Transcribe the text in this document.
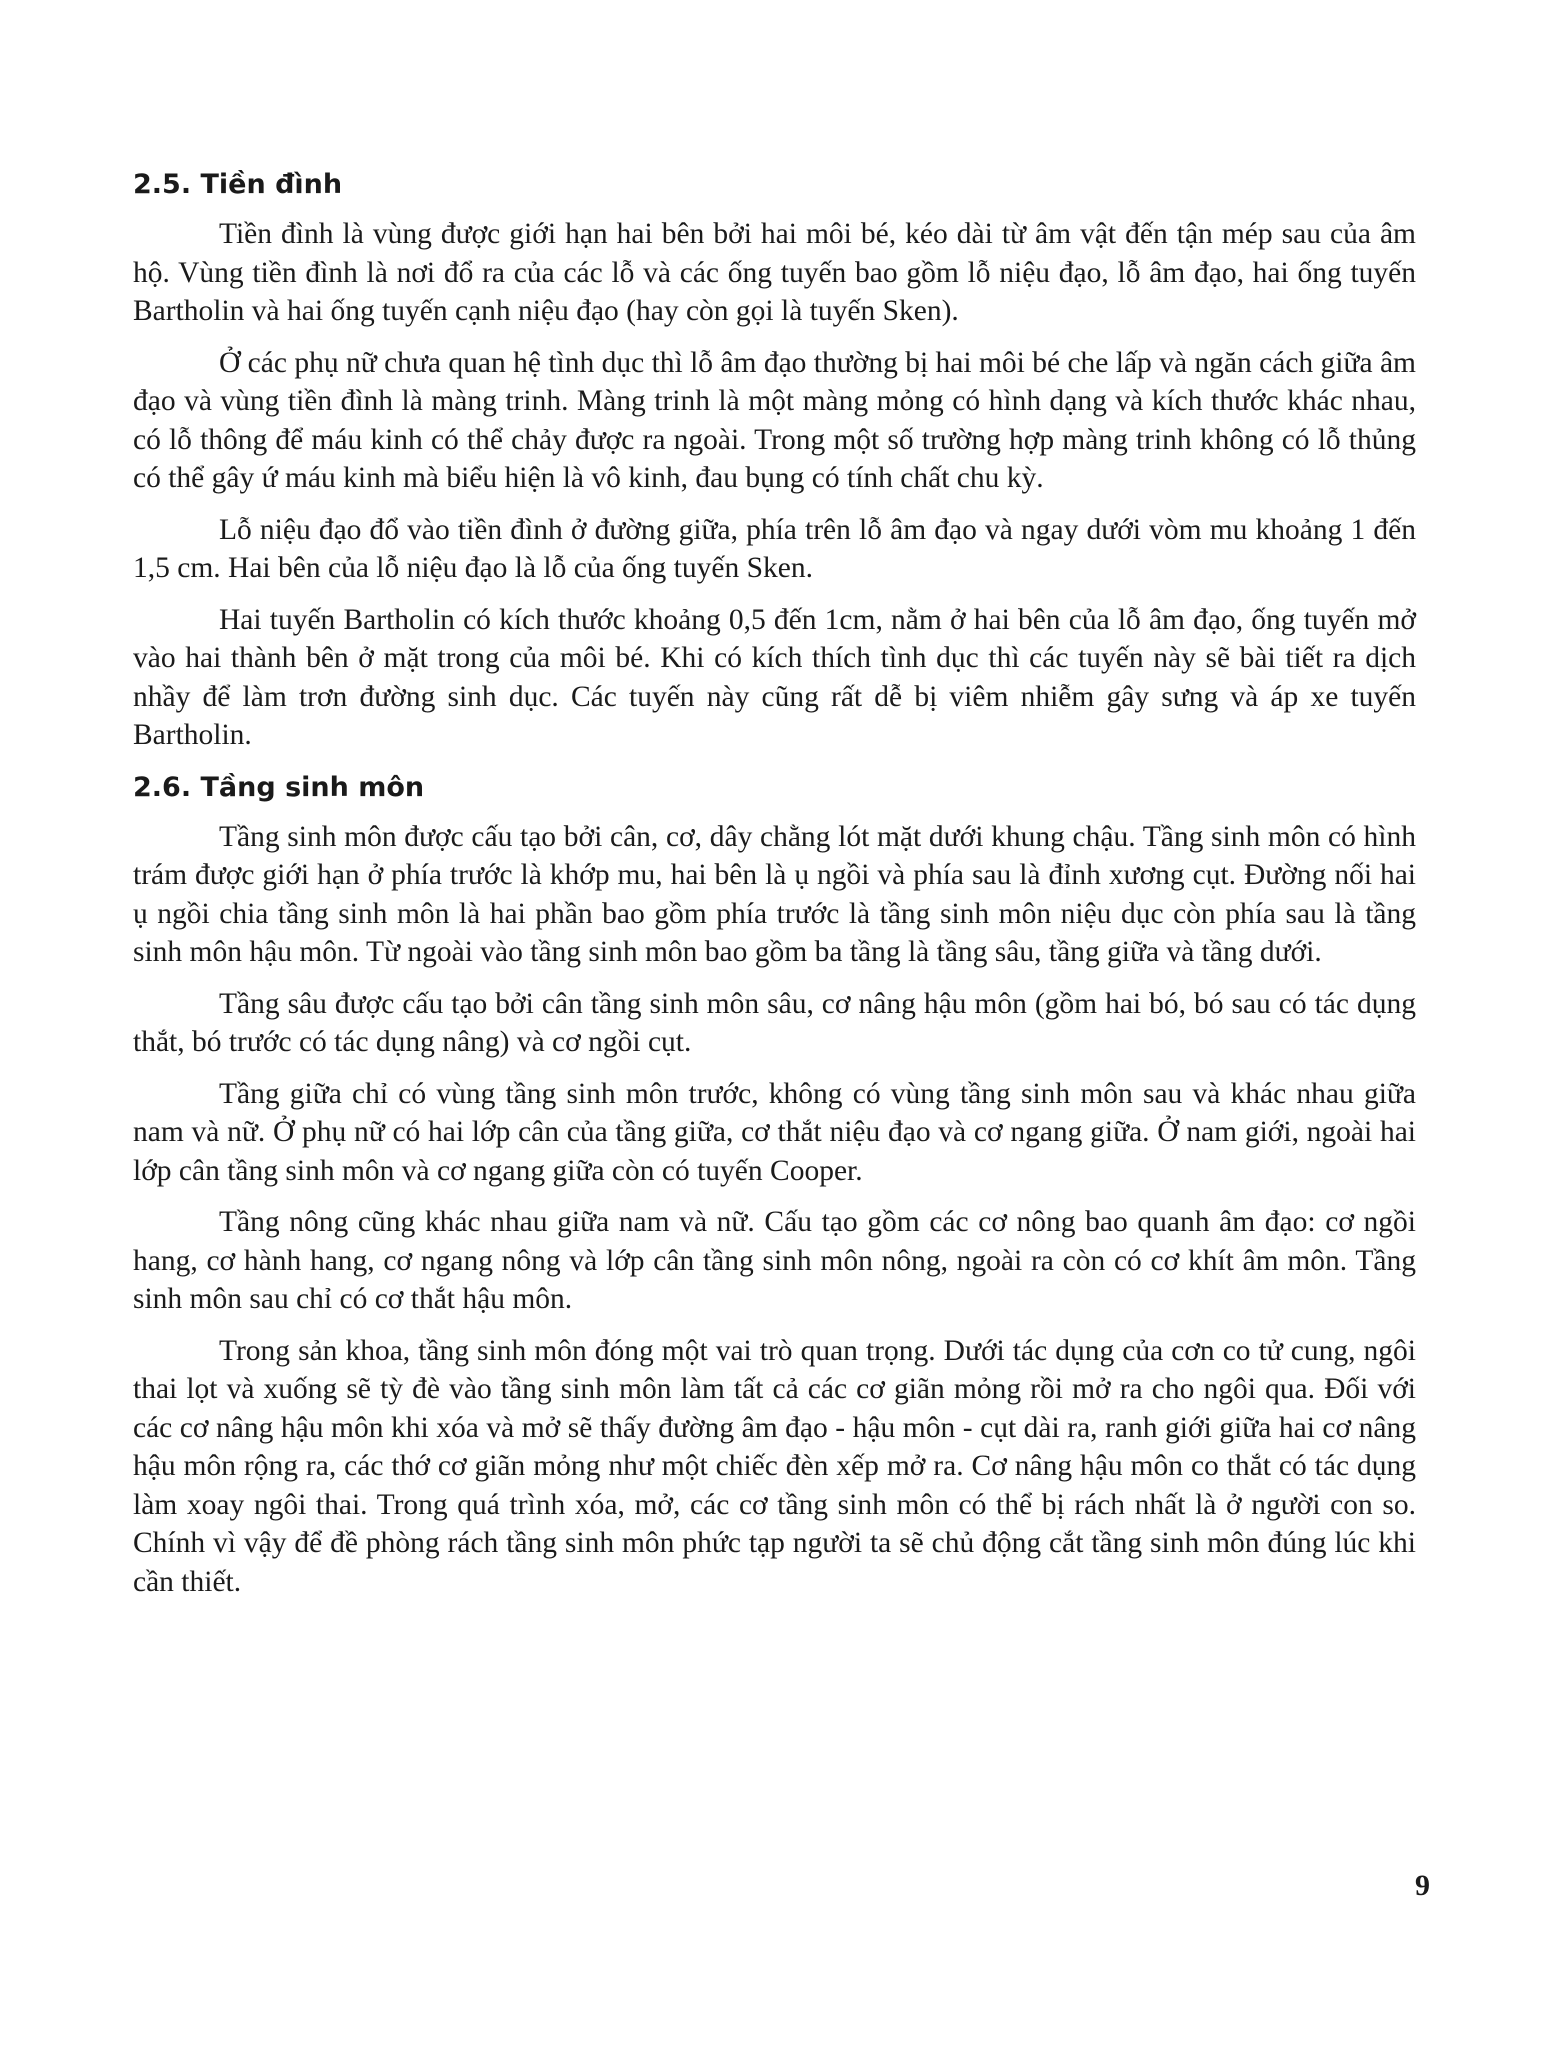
2.5. Tiền đình

Tiền đình là vùng được giới hạn hai bên bởi hai môi bé, kéo dài từ âm vật đến tận mép sau của âm hộ. Vùng tiền đình là nơi đổ ra của các lỗ và các ống tuyến bao gồm lỗ niệu đạo, lỗ âm đạo, hai ống tuyến Bartholin và hai ống tuyến cạnh niệu đạo (hay còn gọi là tuyến Sken).

Ở các phụ nữ chưa quan hệ tình dục thì lỗ âm đạo thường bị hai môi bé che lấp và ngăn cách giữa âm đạo và vùng tiền đình là màng trinh. Màng trinh là một màng mỏng có hình dạng và kích thước khác nhau, có lỗ thông để máu kinh có thể chảy được ra ngoài. Trong một số trường hợp màng trinh không có lỗ thủng có thể gây ứ máu kinh mà biểu hiện là vô kinh, đau bụng có tính chất chu kỳ.

Lỗ niệu đạo đổ vào tiền đình ở đường giữa, phía trên lỗ âm đạo và ngay dưới vòm mu khoảng 1 đến 1,5 cm. Hai bên của lỗ niệu đạo là lỗ của ống tuyến Sken.

Hai tuyến Bartholin có kích thước khoảng 0,5 đến 1cm, nằm ở hai bên của lỗ âm đạo, ống tuyến mở vào hai thành bên ở mặt trong của môi bé. Khi có kích thích tình dục thì các tuyến này sẽ bài tiết ra dịch nhầy để làm trơn đường sinh dục. Các tuyến này cũng rất dễ bị viêm nhiễm gây sưng và áp xe tuyến Bartholin.

2.6. Tầng sinh môn

Tầng sinh môn được cấu tạo bởi cân, cơ, dây chằng lót mặt dưới khung chậu. Tầng sinh môn có hình trám được giới hạn ở phía trước là khớp mu, hai bên là ụ ngồi và phía sau là đỉnh xương cụt. Đường nối hai ụ ngồi chia tầng sinh môn là hai phần bao gồm phía trước là tầng sinh môn niệu dục còn phía sau là tầng sinh môn hậu môn. Từ ngoài vào tầng sinh môn bao gồm ba tầng là tầng sâu, tầng giữa và tầng dưới.

Tầng sâu được cấu tạo bởi cân tầng sinh môn sâu, cơ nâng hậu môn (gồm hai bó, bó sau có tác dụng thắt, bó trước có tác dụng nâng) và cơ ngồi cụt.

Tầng giữa chỉ có vùng tầng sinh môn trước, không có vùng tầng sinh môn sau và khác nhau giữa nam và nữ. Ở phụ nữ có hai lớp cân của tầng giữa, cơ thắt niệu đạo và cơ ngang giữa. Ở nam giới, ngoài hai lớp cân tầng sinh môn và cơ ngang giữa còn có tuyến Cooper.

Tầng nông cũng khác nhau giữa nam và nữ. Cấu tạo gồm các cơ nông bao quanh âm đạo: cơ ngồi hang, cơ hành hang, cơ ngang nông và lớp cân tầng sinh môn nông, ngoài ra còn có cơ khít âm môn. Tầng sinh môn sau chỉ có cơ thắt hậu môn.

Trong sản khoa, tầng sinh môn đóng một vai trò quan trọng. Dưới tác dụng của cơn co tử cung, ngôi thai lọt và xuống sẽ tỳ đè vào tầng sinh môn làm tất cả các cơ giãn mỏng rồi mở ra cho ngôi qua. Đối với các cơ nâng hậu môn khi xóa và mở sẽ thấy đường âm đạo - hậu môn - cụt dài ra, ranh giới giữa hai cơ nâng hậu môn rộng ra, các thớ cơ giãn mỏng như một chiếc đèn xếp mở ra. Cơ nâng hậu môn co thắt có tác dụng làm xoay ngôi thai. Trong quá trình xóa, mở, các cơ tầng sinh môn có thể bị rách nhất là ở người con so. Chính vì vậy để đề phòng rách tầng sinh môn phức tạp người ta sẽ chủ động cắt tầng sinh môn đúng lúc khi cần thiết.

9
